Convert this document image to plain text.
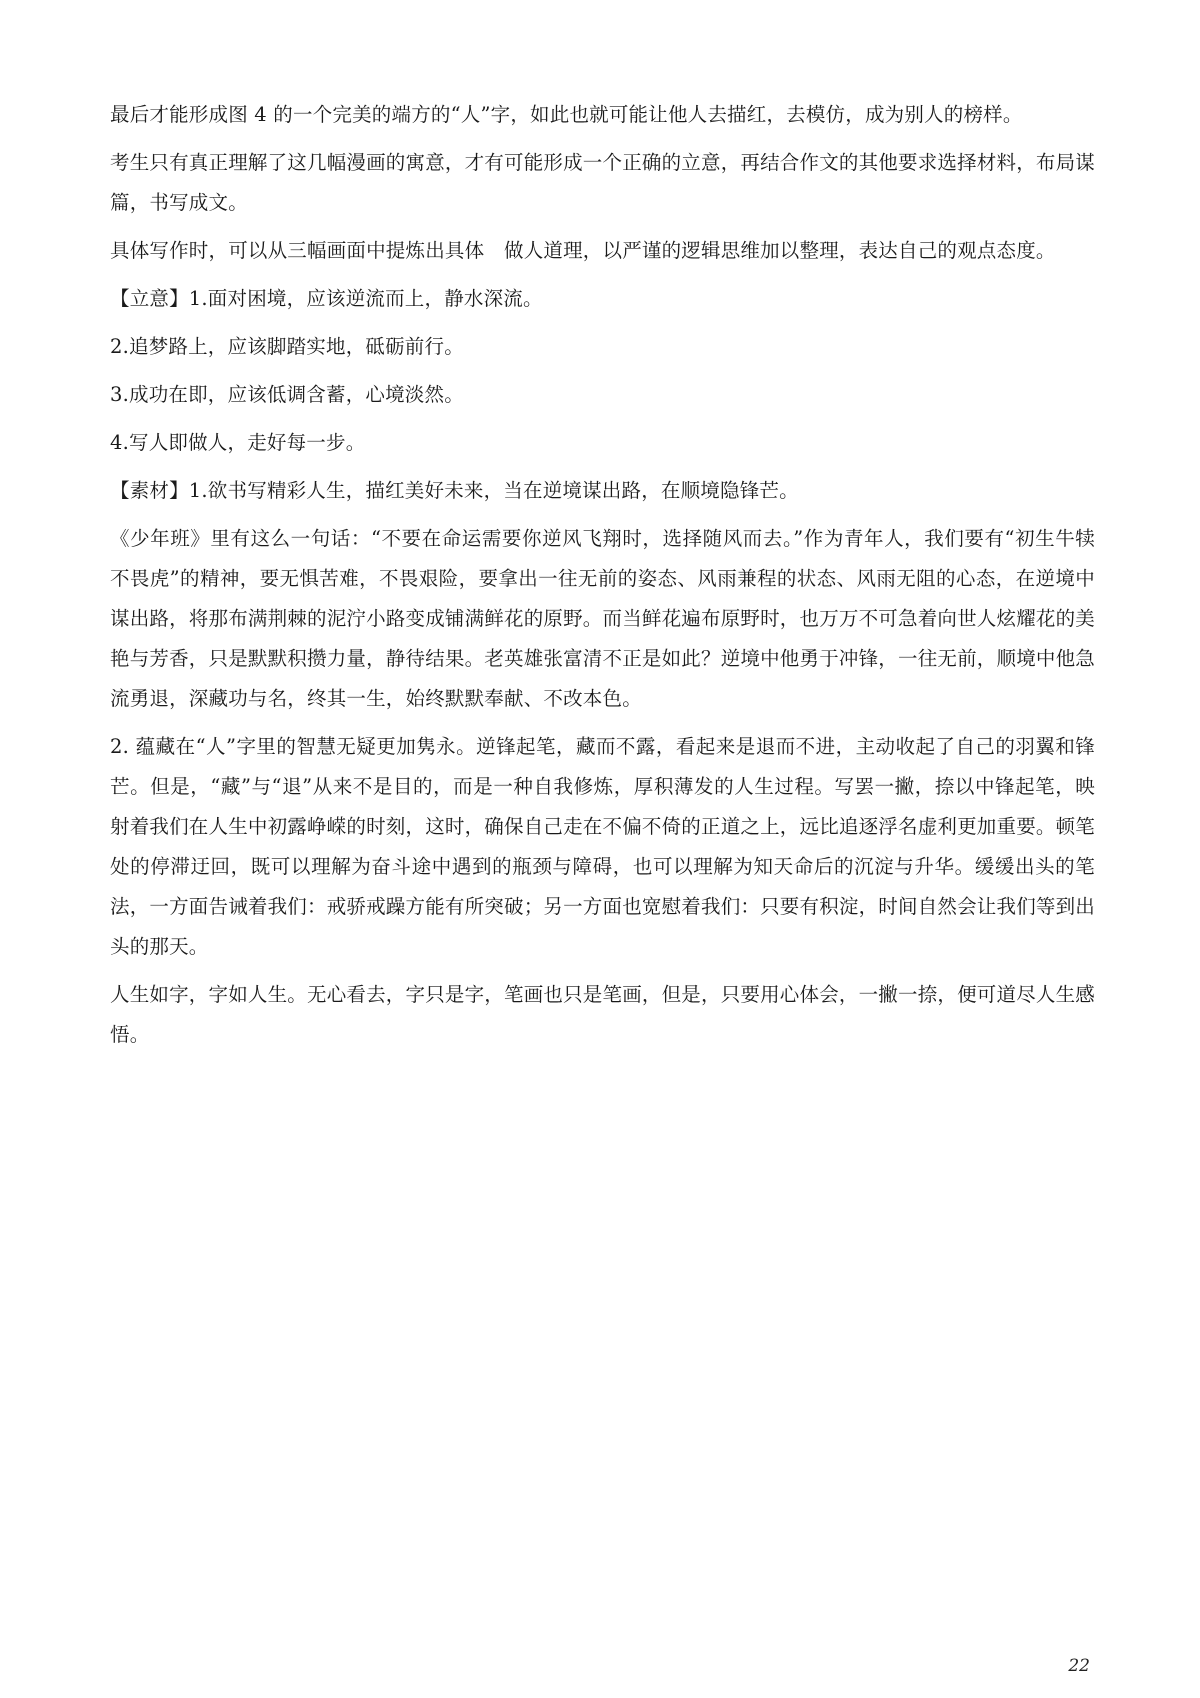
最后才能形成图 4 的一个完美的端方的“人”字，如此也就可能让他人去描红，去模仿，成为别人的榜样。

考生只有真正理解了这几幅漫画的寓意，才有可能形成一个正确的立意，再结合作文的其他要求选择材料，布局谋篇，书写成文。

具体写作时，可以从三幅画面中提炼出具体　做人道理，以严谨的逻辑思维加以整理，表达自己的观点态度。

【立意】1.面对困境，应该逆流而上，静水深流。

2.追梦路上，应该脚踏实地，砥砺前行。

3.成功在即，应该低调含蓄，心境淡然。

4.写人即做人，走好每一步。

【素材】1.欲书写精彩人生，描红美好未来，当在逆境谋出路，在顺境隐锋芒。

《少年班》里有这么一句话：“不要在命运需要你逆风飞翔时，选择随风而去。”作为青年人，我们要有“初生牛犊不畏虎”的精神，要无惧苦难，不畏艰险，要拿出一往无前的姿态、风雨兼程的状态、风雨无阻的心态，在逆境中谋出路，将那布满荆棘的泥泞小路变成铺满鲜花的原野。而当鲜花遍布原野时，也万万不可急着向世人炫耀花的美艳与芳香，只是默默积攒力量，静待结果。老英雄张富清不正是如此？逆境中他勇于冲锋，一往无前，顺境中他急流勇退，深藏功与名，终其一生，始终默默奉献、不改本色。

2. 蕴藏在“人”字里的智慧无疑更加隽永。逆锋起笔，藏而不露，看起来是退而不进，主动收起了自己的羽翼和锋芒。但是，“藏”与“退”从来不是目的，而是一种自我修炼，厚积薄发的人生过程。写罢一撇，捺以中锋起笔，映射着我们在人生中初露峥嵘的时刻，这时，确保自己走在不偏不倚的正道之上，远比追逐浮名虚利更加重要。顿笔处的停滞迂回，既可以理解为奋斗途中遇到的瓶颈与障碍，也可以理解为知天命后的沉淀与升华。缓缓出头的笔法，一方面告诫着我们：戒骄戒躁方能有所突破；另一方面也宽慰着我们：只要有积淀，时间自然会让我们等到出头的那天。

人生如字，字如人生。无心看去，字只是字，笔画也只是笔画，但是，只要用心体会，一撇一捺，便可道尽人生感悟。

22
